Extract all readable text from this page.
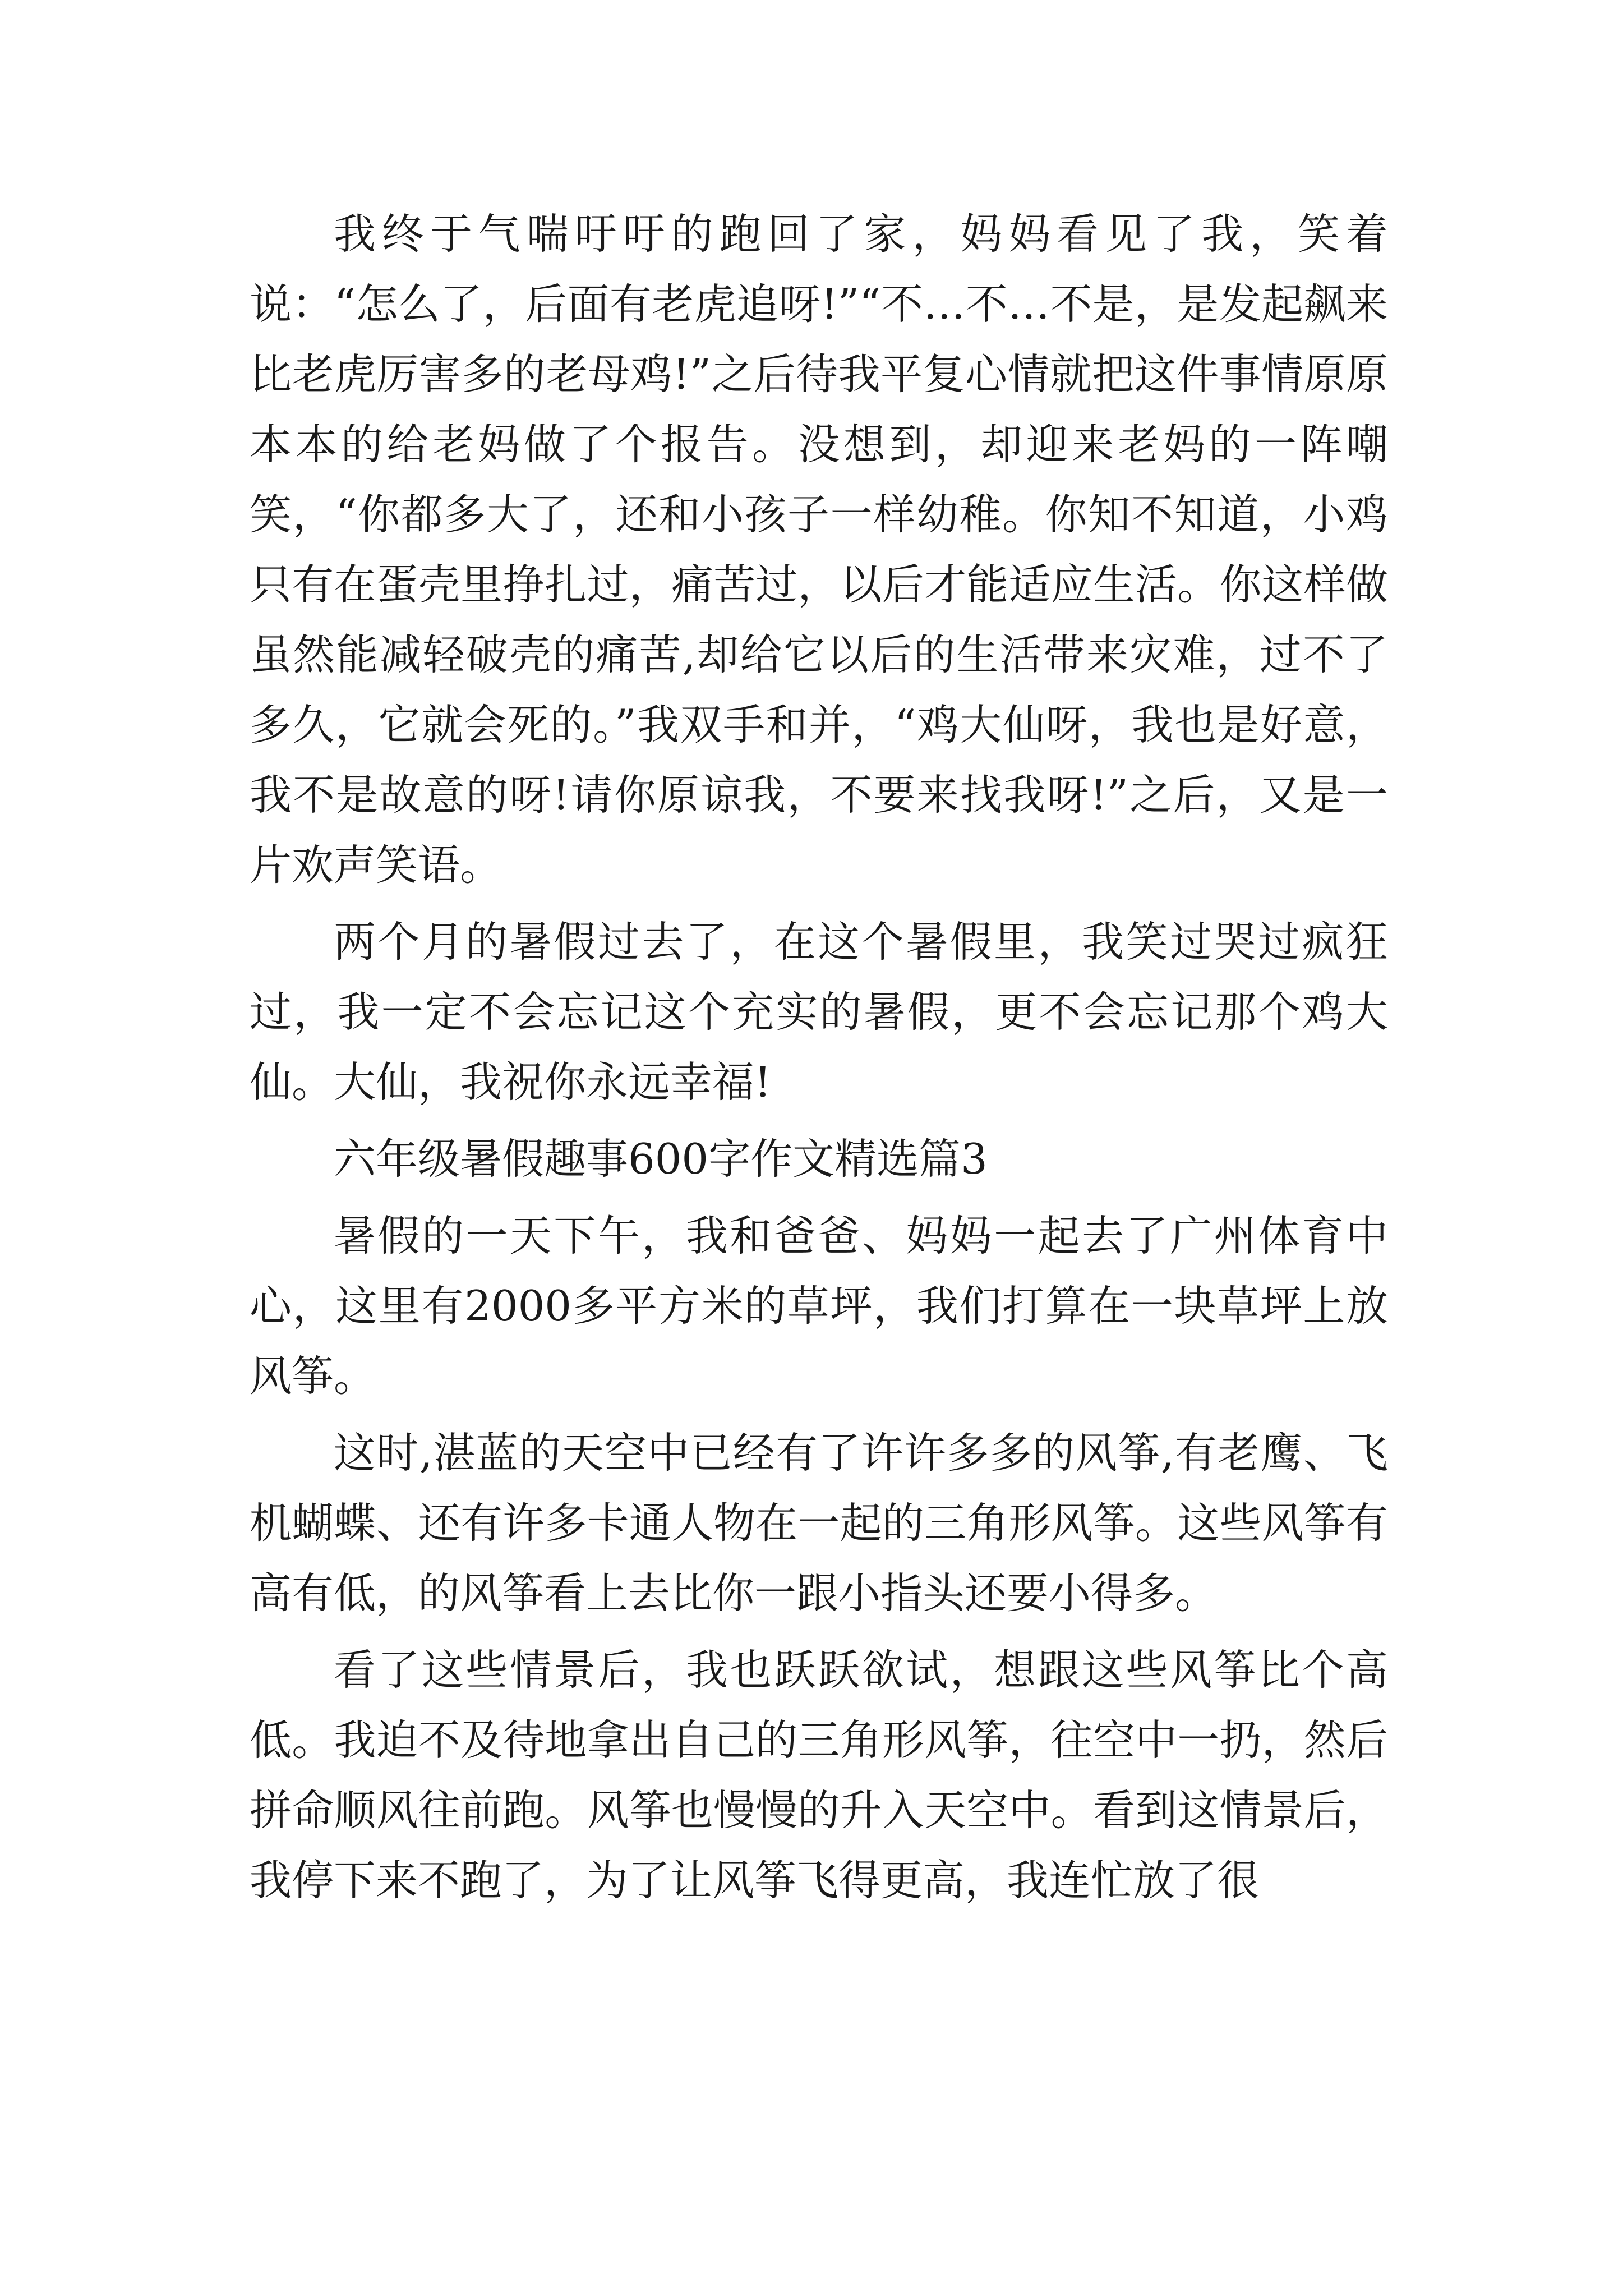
我终于气喘吁吁的跑回了家，妈妈看见了我，笑着说：“怎么了，后面有老虎追呀!”“不…不…不是，是发起飙来比老虎厉害多的老母鸡!”之后待我平复心情就把这件事情原原本本的给老妈做了个报告。没想到，却迎来老妈的一阵嘲笑，“你都多大了，还和小孩子一样幼稚。你知不知道，小鸡只有在蛋壳里挣扎过，痛苦过，以后才能适应生活。你这样做虽然能减轻破壳的痛苦,却给它以后的生活带来灾难，过不了多久，它就会死的。”我双手和并，“鸡大仙呀，我也是好意，我不是故意的呀!请你原谅我，不要来找我呀!”之后，又是一片欢声笑语。

两个月的暑假过去了，在这个暑假里，我笑过哭过疯狂过，我一定不会忘记这个充实的暑假，更不会忘记那个鸡大仙。大仙，我祝你永远幸福!

六年级暑假趣事600字作文精选篇3

暑假的一天下午，我和爸爸、妈妈一起去了广州体育中心，这里有2000多平方米的草坪，我们打算在一块草坪上放风筝。

这时,湛蓝的天空中已经有了许许多多的风筝,有老鹰、飞机蝴蝶、还有许多卡通人物在一起的三角形风筝。这些风筝有高有低，的风筝看上去比你一跟小指头还要小得多。

看了这些情景后，我也跃跃欲试，想跟这些风筝比个高低。我迫不及待地拿出自己的三角形风筝，往空中一扔，然后拼命顺风往前跑。风筝也慢慢的升入天空中。看到这情景后，我停下来不跑了，为了让风筝飞得更高，我连忙放了很
